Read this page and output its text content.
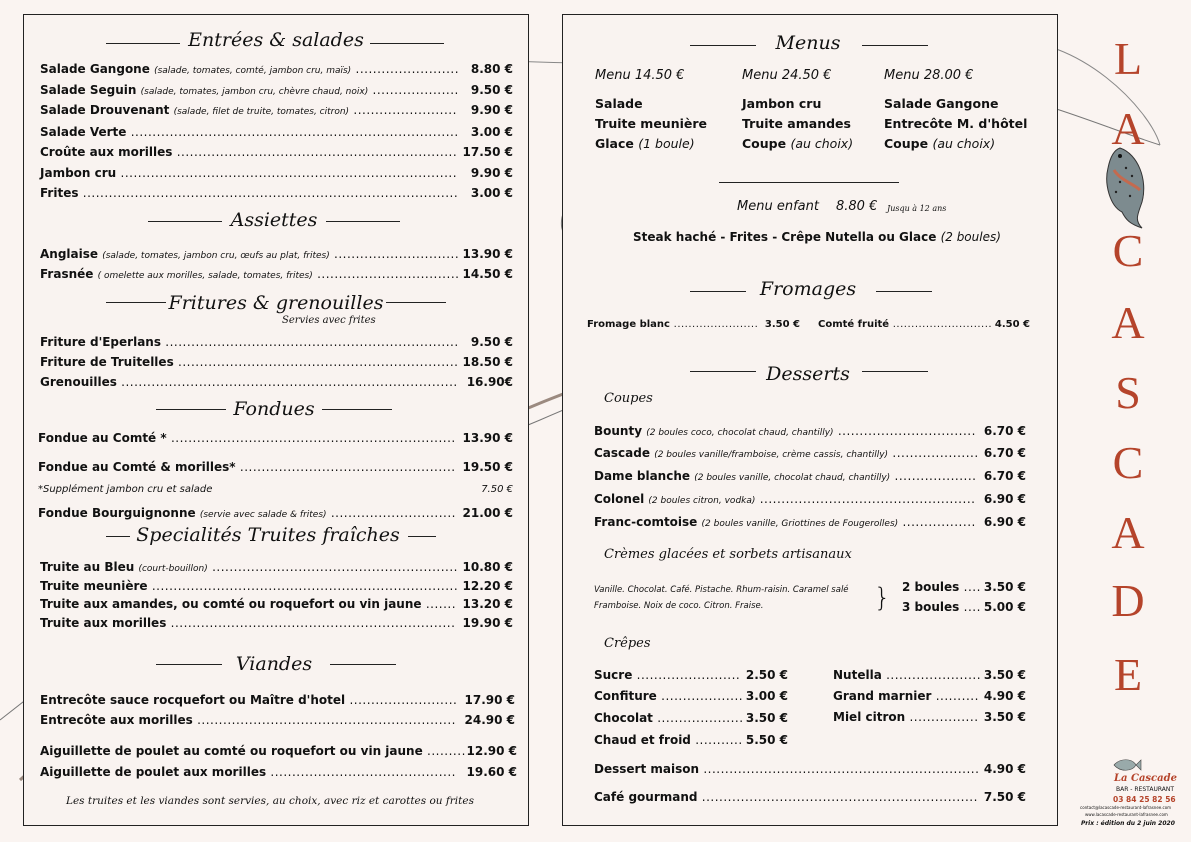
Entrées & salades
Assiettes
Fritures & grenouilles
Servies avec frites
Fondues
Specialités Truites fraîches
Viandes
Les truites et les viandes sont servies, au choix, avec riz et carottes ou frites
Menus
Menu enfant 8.80 € Jusqu à 12 ans
Steak haché - Frites - Crêpe Nutella ou Glace (2 boules)
Fromages
Desserts
Coupes
Crèmes glacées et sorbets artisanaux
Vanille. Chocolat. Café. Pistache. Rhum-raisin. Caramel salé
Framboise. Noix de coco. Citron. Fraise.	}
Crêpes
La Cascade
BAR - RESTAURANT
03 84 25 82 56
contact@lacascade-restaurant-lafrasnee.com
www.lacascade-restaurant-lafrasnee.com
Prix : édition du 2 juin 2020
Salade Gangone (salade, tomates, comté, jambon cru, maïs) ........................ 8.80 €
Salade Seguin (salade, tomates, jambon cru, chèvre chaud, noix) .................... 9.50 €
Salade Drouvenant (salade, filet de truite, tomates, citron) ........................ 9.90 €
Salade Verte ............................................................................ 3.00 €
Croûte aux morilles ................................................................. 17.50 €
Jambon cru .............................................................................. 9.90 €
Frites ....................................................................................... 3.00 €
Anglaise (salade, tomates, jambon cru, œufs au plat, frites) ............................. 13.90 €
Frasnée ( omelette aux morilles, salade, tomates, frites) ................................. 14.50 €
Friture d'Eperlans .................................................................... 9.50 €
Friture de Truitelles ................................................................. 18.50 €
Grenouilles .............................................................................. 16.90€
Fondue au Comté * .................................................................. 13.90 €
Fondue au Comté & morilles* .................................................. 19.50 €
*Supplément jambon cru et salade	7.50 €
Fondue Bourguignonne (servie avec salade & frites) ............................. 21.00 €
Truite au Bleu (court-bouillon) ......................................................... 10.80 €
Truite meunière ....................................................................... 12.20 €
Truite aux amandes, ou comté ou roquefort ou vin jaune ....... 13.20 €
Truite aux morilles .................................................................. 19.90 €
Entrecôte sauce rocquefort ou Maître d'hotel ......................... 17.90 €
Entrecôte aux morilles ............................................................ 24.90 €
Aiguillette de poulet au comté ou roquefort ou vin jaune ......... 12.90 €
Aiguillette de poulet aux morilles ........................................... 19.60 €
Menu 14.50 €
Salade
Truite meunière
Glace (1 boule)
Menu 24.50 €
Jambon cru
Truite amandes
Coupe (au choix)
Menu 28.00 €
Salade Gangone
Entrecôte M. d'hôtel
Coupe (au choix)
Fromage blanc ....................... 3.50 € Comté fruité ........................... 4.50 €
Bounty (2 boules coco, chocolat chaud, chantilly) ................................ 6.70 €
Cascade (2 boules vanille/framboise, crème cassis, chantilly) .................... 6.70 €
Dame blanche (2 boules vanille, chocolat chaud, chantilly) ................... 6.70 €
Colonel (2 boules citron, vodka) .................................................. 6.90 €
Franc-comtoise (2 boules vanille, Griottines de Fougerolles) ................. 6.90 €
2 boules .... 3.50 €
3 boules .... 5.00 €
Sucre ........................ 2.50 €
Confiture ................... 3.00 €
Chocolat .................... 3.50 €
Chaud et froid ........... 5.50 €
Nutella ...................... 3.50 €
Grand marnier .......... 4.90 €
Miel citron ................ 3.50 €
Dessert maison ................................................................ 4.90 €
Café gourmand ................................................................ 7.50 €
L
A
C
A
S
C
A
D
E
